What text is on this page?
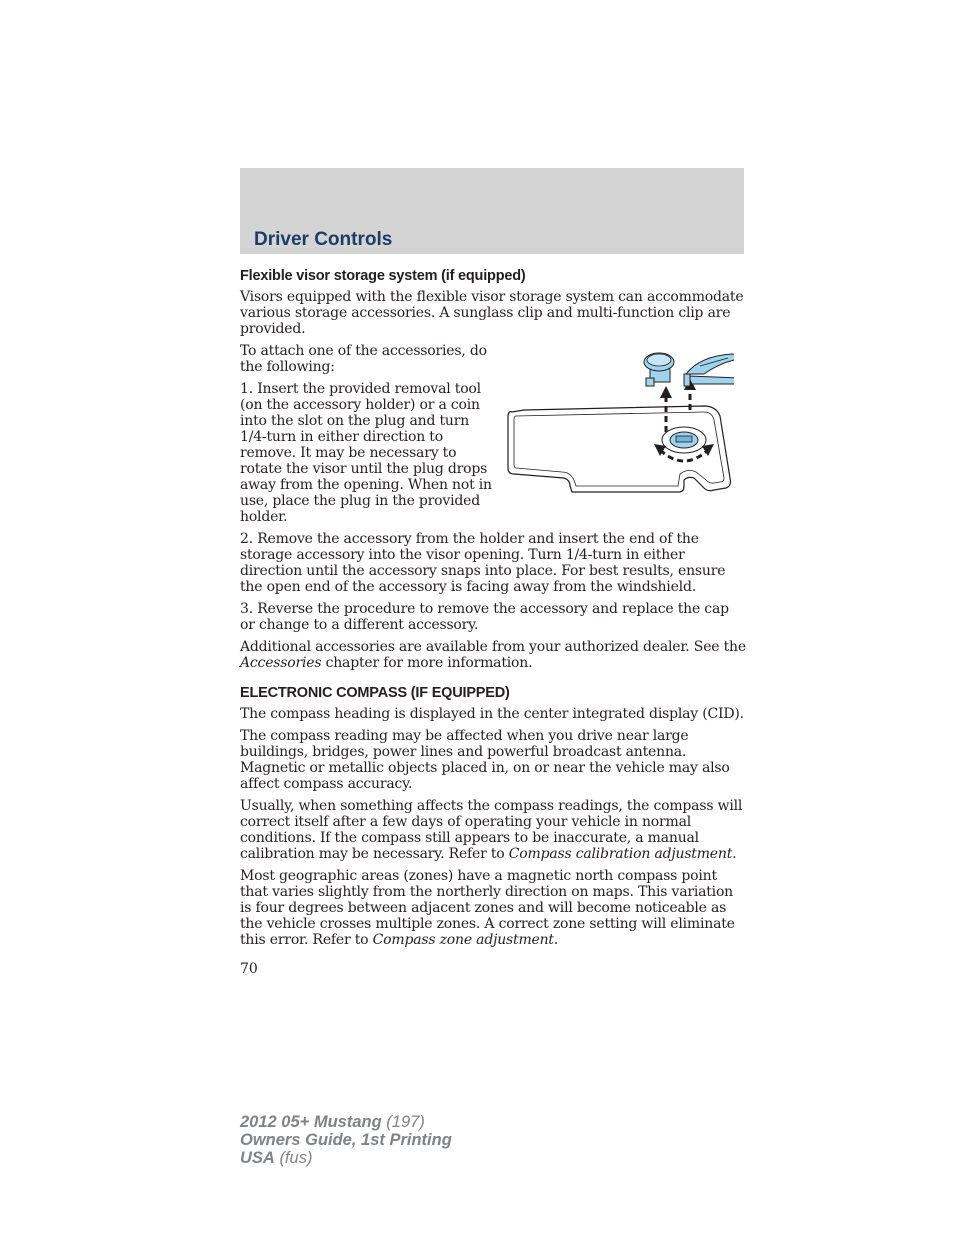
Driver Controls
Flexible visor storage system (if equipped)

Visors equipped with the flexible visor storage system can accommodate various storage accessories. A sunglass clip and multi-function clip are provided.

To attach one of the accessories, do the following:

1. Insert the provided removal tool (on the accessory holder) or a coin into the slot on the plug and turn 1/4-turn in either direction to remove. It may be necessary to rotate the visor until the plug drops away from the opening. When not in use, place the plug in the provided holder.

2. Remove the accessory from the holder and insert the end of the storage accessory into the visor opening. Turn 1/4-turn in either direction until the accessory snaps into place. For best results, ensure the open end of the accessory is facing away from the windshield.

3. Reverse the procedure to remove the accessory and replace the cap or change to a different accessory.

Additional accessories are available from your authorized dealer. See the Accessories chapter for more information.

ELECTRONIC COMPASS (IF EQUIPPED)

The compass heading is displayed in the center integrated display (CID).

The compass reading may be affected when you drive near large buildings, bridges, power lines and powerful broadcast antenna. Magnetic or metallic objects placed in, on or near the vehicle may also affect compass accuracy.

Usually, when something affects the compass readings, the compass will correct itself after a few days of operating your vehicle in normal conditions. If the compass still appears to be inaccurate, a manual calibration may be necessary. Refer to Compass calibration adjustment.

Most geographic areas (zones) have a magnetic north compass point that varies slightly from the northerly direction on maps. This variation is four degrees between adjacent zones and will become noticeable as the vehicle crosses multiple zones. A correct zone setting will eliminate this error. Refer to Compass zone adjustment.

70
2012 05+ Mustang (197)
Owners Guide, 1st Printing
USA (fus)
